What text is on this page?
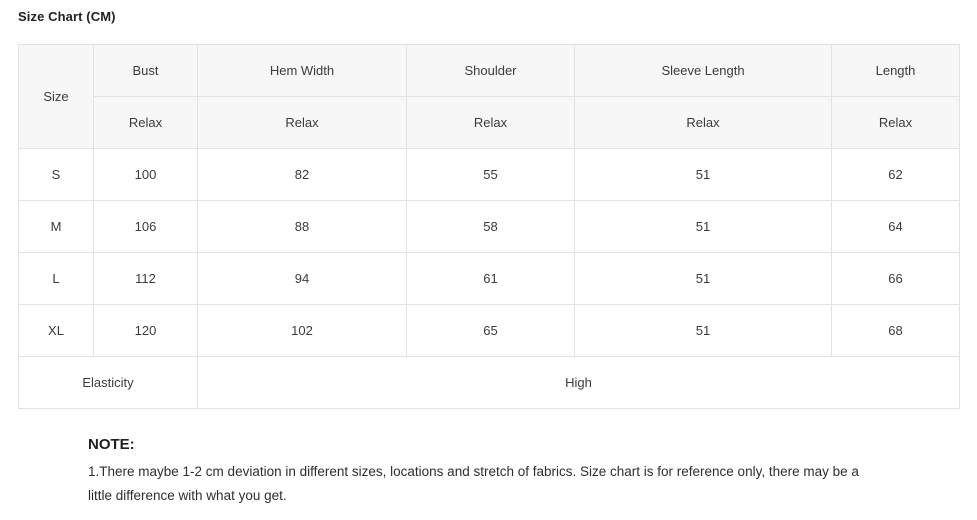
Size Chart (CM)
Size	Bust	Hem Width	Shoulder	Sleeve Length	Length
	Relax	Relax	Relax	Relax	Relax
S	100	82	55	51	62
M	106	88	58	51	64
L	112	94	61	51	66
XL	120	102	65	51	68
Elasticity		High			

NOTE:

1.There maybe 1-2 cm deviation in different sizes, locations and stretch of fabrics. Size chart is for reference only, there may be a little difference with what you get.
